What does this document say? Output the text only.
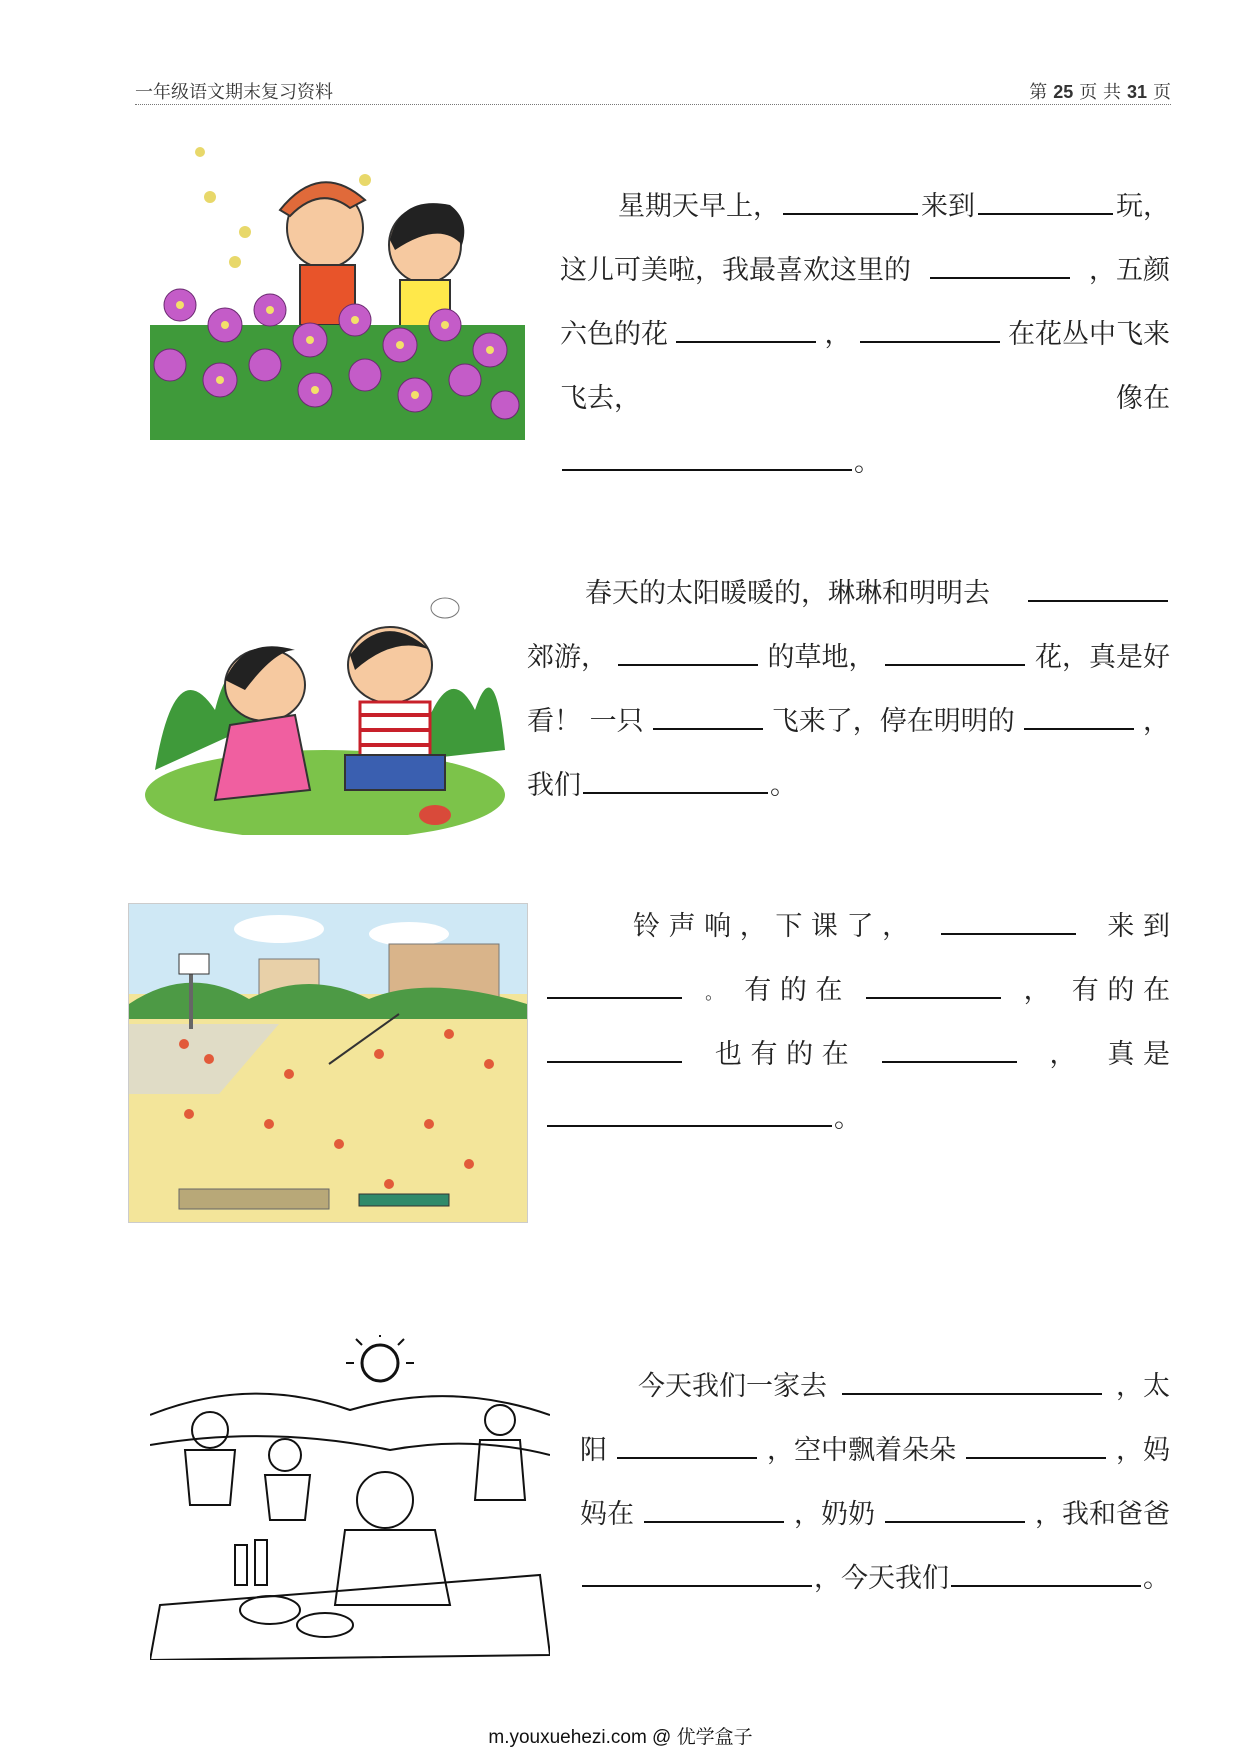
一年级语文期末复习资料	第 25 页 共 31 页
星期天早上，	来到	玩，
这儿可美啦，我最喜欢这里的	，五颜
六色的花	，	在花丛中飞来
飞去，	像在
。
春天的太阳暖暖的，琳琳和明明去
郊游，	的草地，	花，真是好
看！ 一只	飞来了，停在明明的	，
我们	。
铃 声 响 ， 下 课 了 ，	来 到
。 有 的 在	， 有 的 在
也 有 的 在	， 真 是
。
今天我们一家去	，太
阳	，空中飘着朵朵	，妈
妈在	，奶奶	，我和爸爸
，今天我们	。
m.youxuehezi.com @ 优学盒子
